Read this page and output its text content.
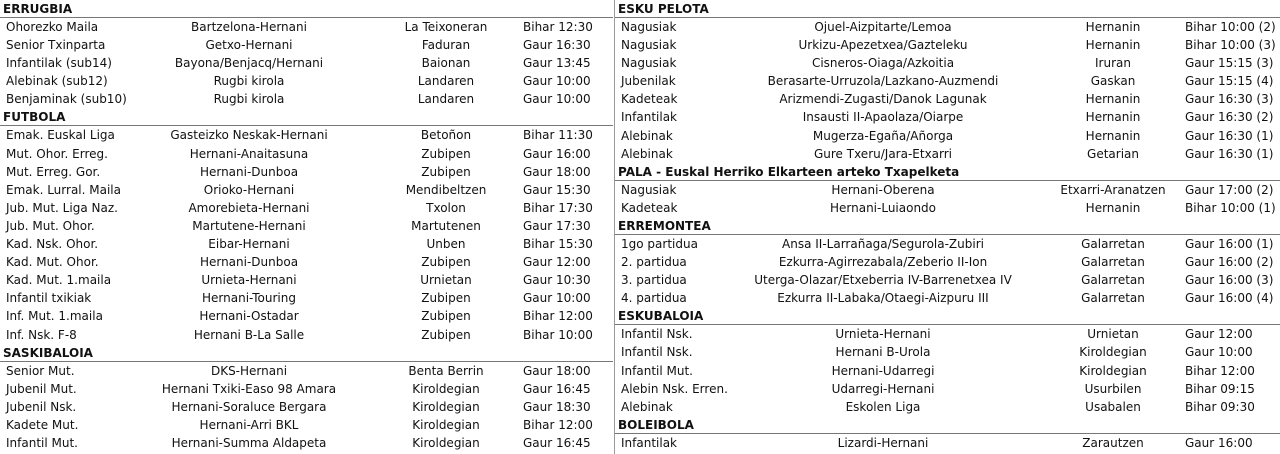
ERRUGBIA
Ohorezko Maila	Bartzelona-Hernani	La Teixoneran	Bihar 12:30
Senior Txinparta	Getxo-Hernani	Faduran	Gaur 16:30
Infantilak (sub14)	Bayona/Benjacq/Hernani	Baionan	Gaur 13:45
Alebinak (sub12)	Rugbi kirola	Landaren	Gaur 10:00
Benjaminak (sub10)	Rugbi kirola	Landaren	Gaur 10:00
FUTBOLA
Emak. Euskal Liga	Gasteizko Neskak-Hernani	Betoñon	Bihar 11:30
Mut. Ohor. Erreg.	Hernani-Anaitasuna	Zubipen	Gaur 16:00
Mut. Erreg. Gor.	Hernani-Dunboa	Zubipen	Gaur 18:00
Emak. Lurral. Maila	Orioko-Hernani	Mendibeltzen	Gaur 15:30
Jub. Mut. Liga Naz.	Amorebieta-Hernani	Txolon	Bihar 17:30
Jub. Mut. Ohor.	Martutene-Hernani	Martutenen	Gaur 17:30
Kad. Nsk. Ohor.	Eibar-Hernani	Unben	Bihar 15:30
Kad. Mut. Ohor.	Hernani-Dunboa	Zubipen	Gaur 12:00
Kad. Mut. 1.maila	Urnieta-Hernani	Urnietan	Gaur 10:30
Infantil txikiak	Hernani-Touring	Zubipen	Gaur 10:00
Inf. Mut. 1.maila	Hernani-Ostadar	Zubipen	Bihar 12:00
Inf. Nsk. F-8	Hernani B-La Salle	Zubipen	Bihar 10:00
SASKIBALOIA
Senior Mut.	DKS-Hernani	Benta Berrin	Gaur 18:00
Jubenil Mut.	Hernani Txiki-Easo 98 Amara	Kiroldegian	Gaur 16:45
Jubenil Nsk.	Hernani-Soraluce Bergara	Kiroldegian	Gaur 18:30
Kadete Mut.	Hernani-Arri BKL	Kiroldegian	Bihar 12:00
Infantil Mut.	Hernani-Summa Aldapeta	Kiroldegian	Gaur 16:45
ESKU PELOTA
Nagusiak	Ojuel-Aizpitarte/Lemoa	Hernanin	Bihar 10:00 (2)
Nagusiak	Urkizu-Apezetxea/Gazteleku	Hernanin	Bihar 10:00 (3)
Nagusiak	Cisneros-Oiaga/Azkoitia	Iruran	Gaur 15:15 (3)
Jubenilak	Berasarte-Urruzola/Lazkano-Auzmendi	Gaskan	Gaur 15:15 (4)
Kadeteak	Arizmendi-Zugasti/Danok Lagunak	Hernanin	Gaur 16:30 (3)
Infantilak	Insausti II-Apaolaza/Oiarpe	Hernanin	Gaur 16:30 (2)
Alebinak	Mugerza-Egaña/Añorga	Hernanin	Gaur 16:30 (1)
Alebinak	Gure Txeru/Jara-Etxarri	Getarian	Gaur 16:30 (1)
PALA - Euskal Herriko Elkarteen arteko Txapelketa
Nagusiak	Hernani-Oberena	Etxarri-Aranatzen Gaur 17:00 (2)
Kadeteak	Hernani-Luiaondo	Hernanin	Bihar 10:00 (1)
ERREMONTEA
1go partidua	Ansa II-Larrañaga/Segurola-Zubiri	Galarretan	Gaur 16:00 (1)
2. partidua	Ezkurra-Agirrezabala/Zeberio II-Ion	Galarretan	Gaur 16:00 (2)
3. partidua	Uterga-Olazar/Etxeberria IV-Barrenetxea IV	Galarretan	Gaur 16:00 (3)
4. partidua	Ezkurra II-Labaka/Otaegi-Aizpuru III	Galarretan	Gaur 16:00 (4)
ESKUBALOIA
Infantil Nsk.	Urnieta-Hernani	Urnietan	Gaur 12:00
Infantil Nsk.	Hernani B-Urola	Kiroldegian	Gaur 10:00
Infantil Mut.	Hernani-Udarregi	Kiroldegian	Bihar 12:00
Alebin Nsk. Erren.	Udarregi-Hernani	Usurbilen	Bihar 09:15
Alebinak	Eskolen Liga	Usabalen	Bihar 09:30
BOLEIBOLA
Infantilak	Lizardi-Hernani	Zarautzen	Gaur 16:00
